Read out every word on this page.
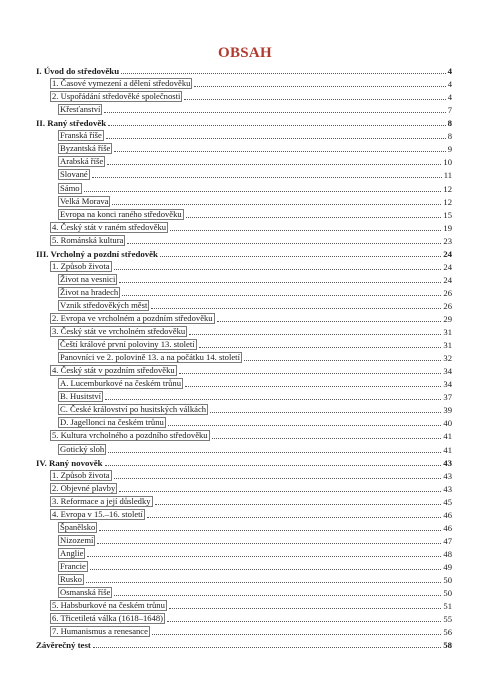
OBSAH
I. Úvod do středověku	4
1. Časové vymezení a dělení středověku	4
2. Uspořádání středověké společnosti	4
Křesťanství	7
II. Raný středověk	8
Franská říše	8
Byzantská říše	9
Arabská říše	10
Slované	11
Sámo	12
Velká Morava	12
Evropa na konci raného středověku	15
4. Český stát v raném středověku	19
5. Románská kultura	23
III. Vrcholný a pozdní středověk	24
1. Způsob života	24
Život na vesnici	24
Život na hradech	26
Vznik středověkých měst	26
2. Evropa ve vrcholném a pozdním středověku	29
3. Český stát ve vrcholném středověku	31
Čeští králové první poloviny 13. století	31
Panovníci ve 2. polovině 13. a na počátku 14. století	32
4. Český stát v pozdním středověku	34
A. Lucemburkové na českém trůnu	34
B. Husitství	37
C. České království po husitských válkách	39
D. Jagellonci na českém trůnu	40
5. Kultura vrcholného a pozdního středověku	41
Gotický sloh	41
IV. Raný novověk	43
1. Způsob života	43
2. Objevné plavby	43
3. Reformace a její důsledky	45
4. Evropa v 15.–16. století	46
Španělsko	46
Nizozemí	47
Anglie	48
Francie	49
Rusko	50
Osmanská říše	50
5. Habsburkové na českém trůnu	51
6. Třicetiletá válka (1618–1648)	55
7. Humanismus a renesance	56
Závěrečný test	58
